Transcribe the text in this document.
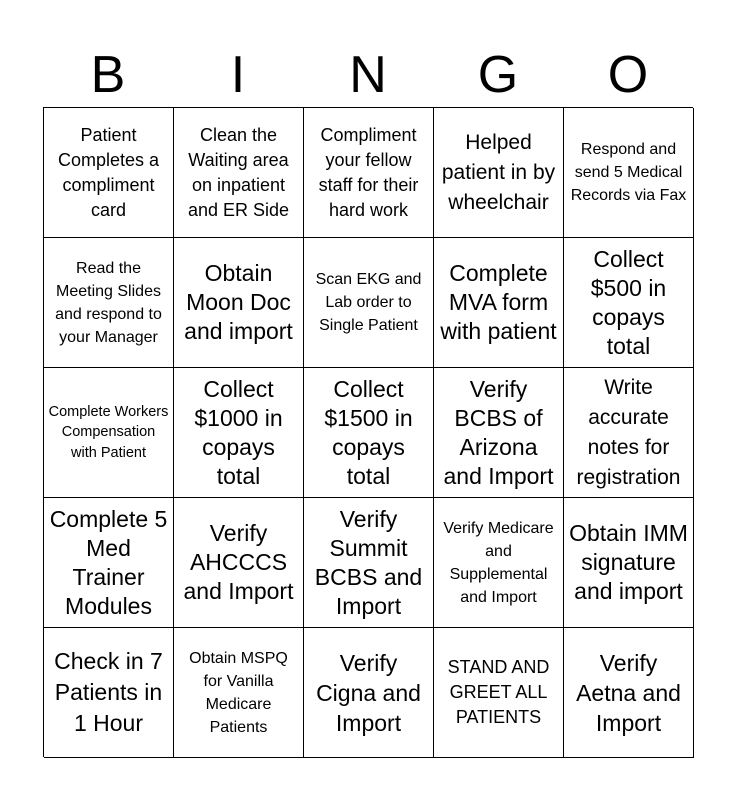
B	I	N	G	O
Patient Completes a compliment card
Clean the Waiting area on inpatient and ER Side
Compliment your fellow staff for their hard work
Helped patient in by wheelchair
Respond and send 5 Medical Records via Fax
Read the Meeting Slides and respond to your Manager
Obtain Moon Doc and import
Scan EKG and Lab order to Single Patient
Complete MVA form with patient
Collect $500 in copays total
Complete Workers Compensation with Patient
Collect $1000 in copays total
Collect $1500 in copays total
Verify BCBS of Arizona and Import
Write accurate notes for registration
Complete 5 Med Trainer Modules
Verify AHCCCS and Import
Verify Summit BCBS and Import
Verify Medicare and Supplemental and Import
Obtain IMM signature and import
Check in 7 Patients in 1 Hour
Obtain MSPQ for Vanilla Medicare Patients
Verify Cigna and Import
STAND AND GREET ALL PATIENTS
Verify Aetna and Import
